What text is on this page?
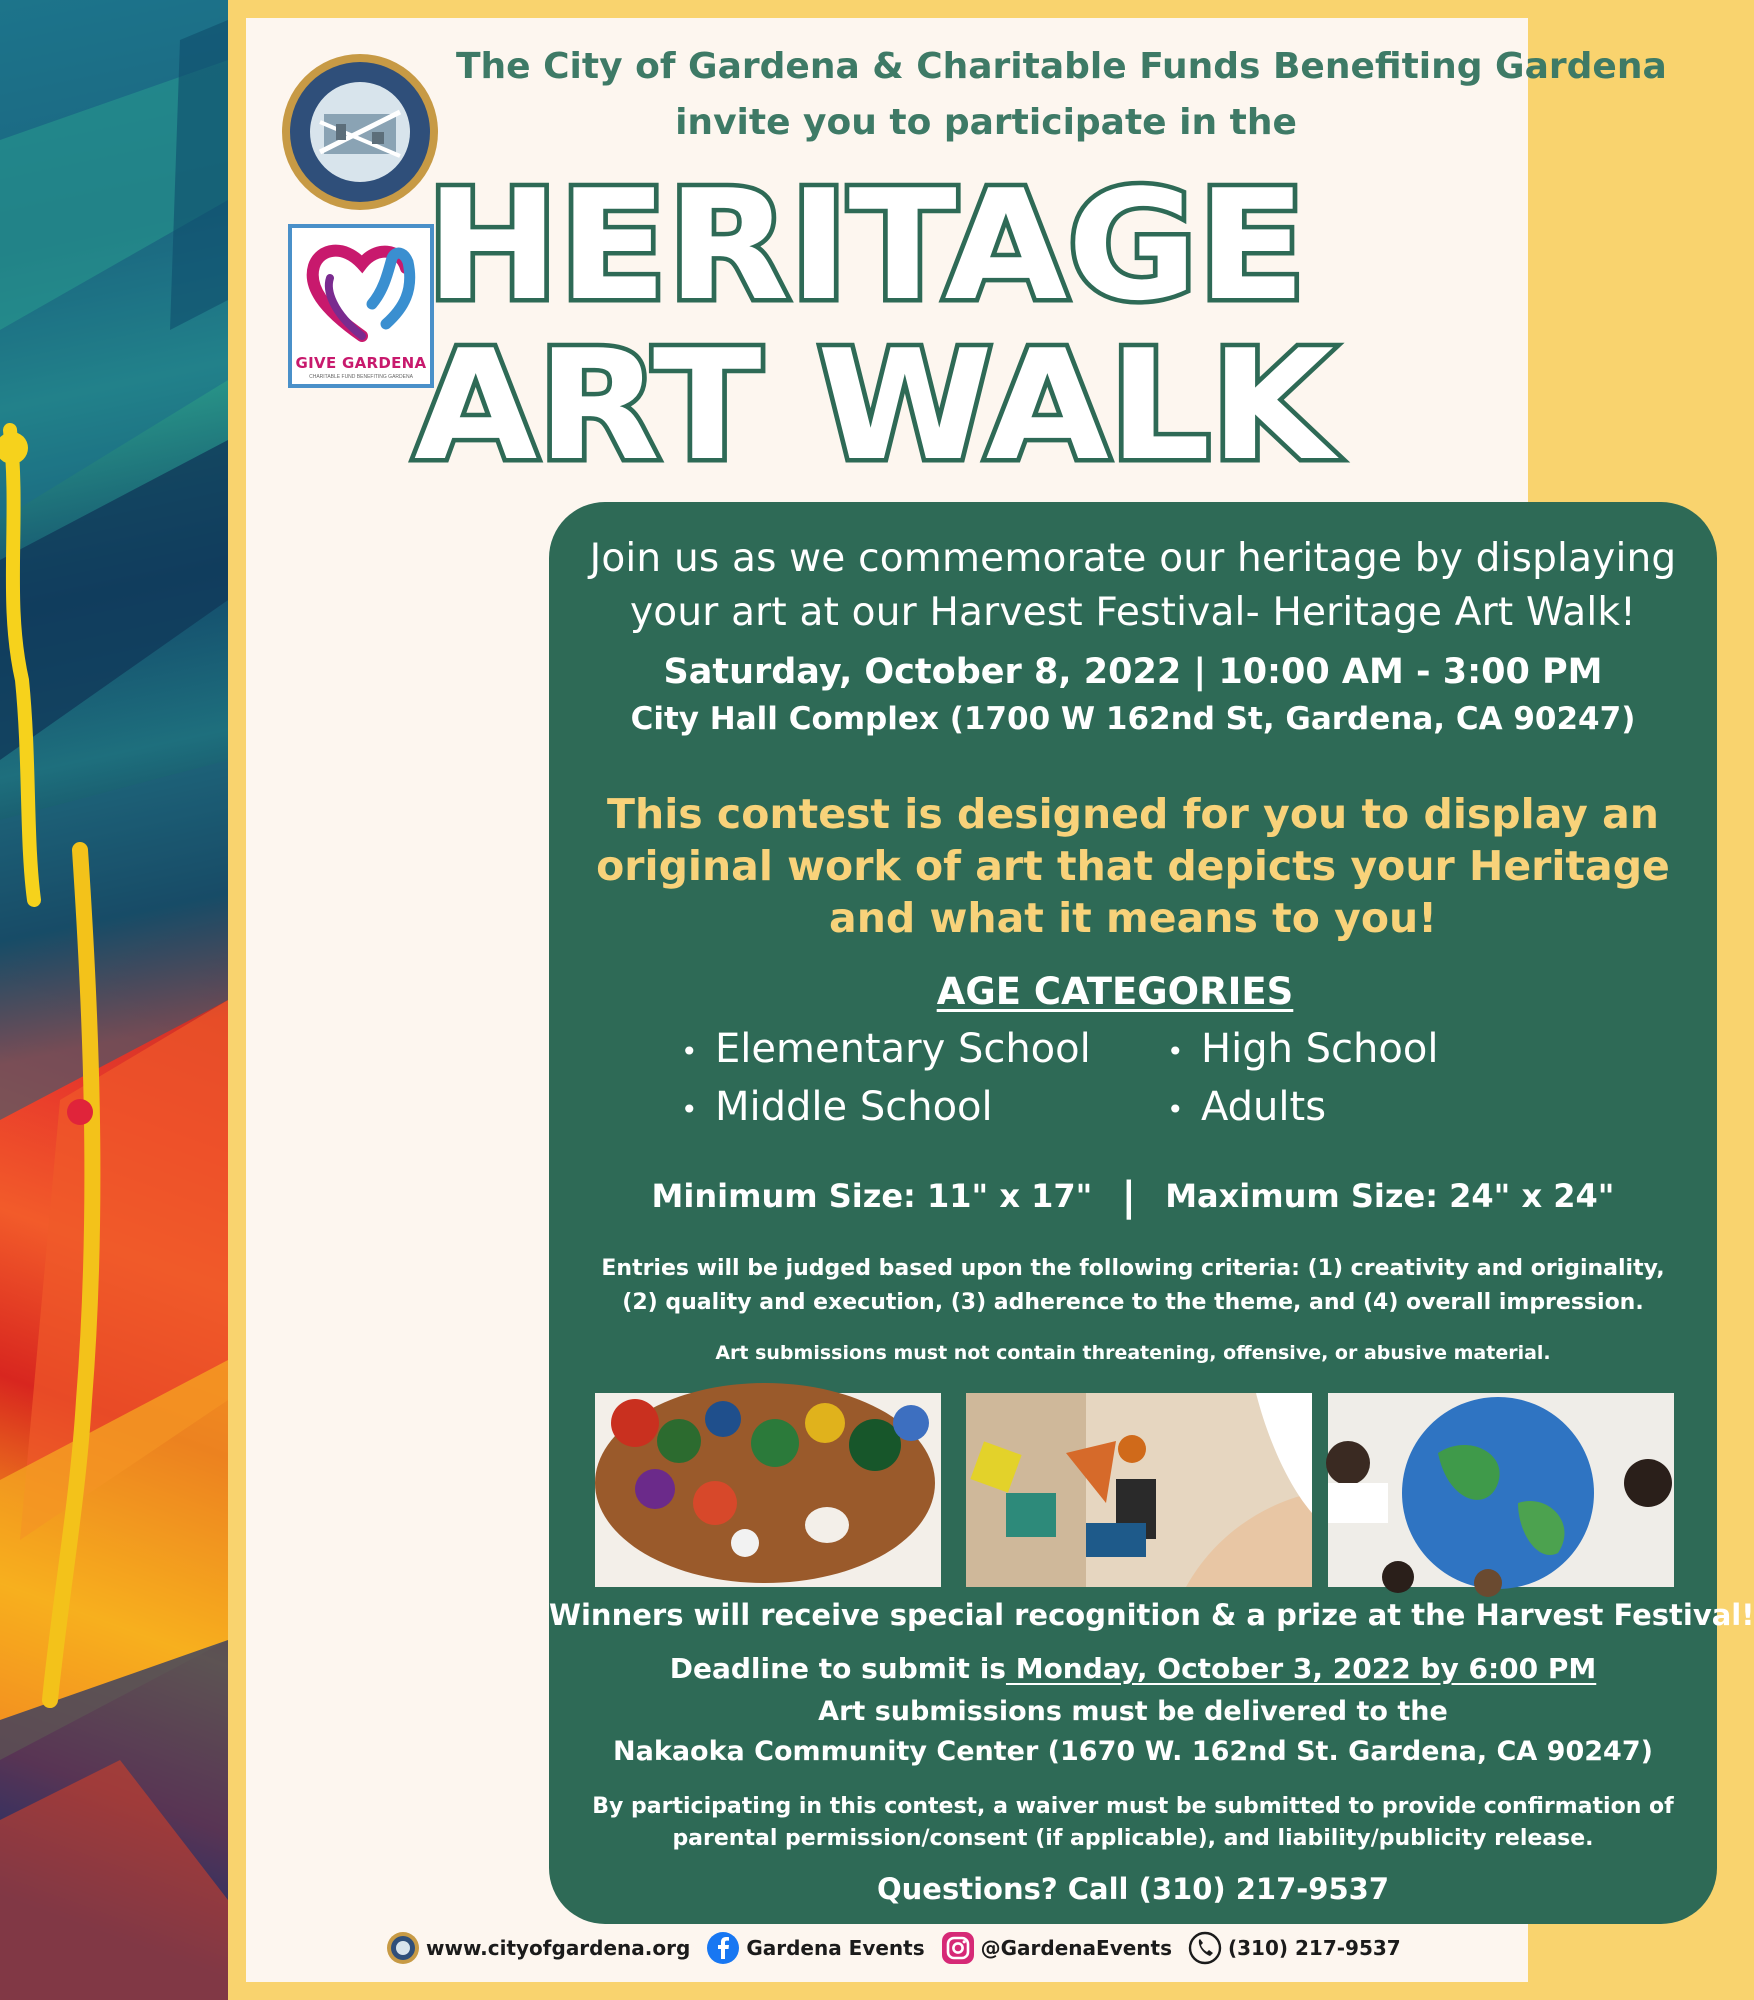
GIVE GARDENA
CHARITABLE FUND BENEFITING GARDENA
The City of Gardena & Charitable Funds Benefiting Gardena
invite you to participate in the
HERITAGE
ART WALK
Join us as we commemorate our heritage by displaying
your art at our Harvest Festival- Heritage Art Walk!
Saturday, October 8, 2022 | 10:00 AM - 3:00 PM
City Hall Complex (1700 W 162nd St, Gardena, CA 90247)
This contest is designed for you to display an
original work of art that depicts your Heritage
and what it means to you!
AGE CATEGORIES
• Elementary School
• Middle School
• High School
• Adults
Minimum Size: 11" x 17" | Maximum Size: 24" x 24"
Entries will be judged based upon the following criteria: (1) creativity and originality,
(2) quality and execution, (3) adherence to the theme, and (4) overall impression.
Art submissions must not contain threatening, offensive, or abusive material.
Winners will receive special recognition & a prize at the Harvest Festival!
Deadline to submit is Monday, October 3, 2022 by 6:00 PM
Art submissions must be delivered to the
Nakaoka Community Center (1670 W. 162nd St. Gardena, CA 90247)
By participating in this contest, a waiver must be submitted to provide confirmation of
parental permission/consent (if applicable), and liability/publicity release.
Questions? Call (310) 217-9537
www.cityofgardena.org	Gardena Events	@GardenaEvents	(310) 217-9537
